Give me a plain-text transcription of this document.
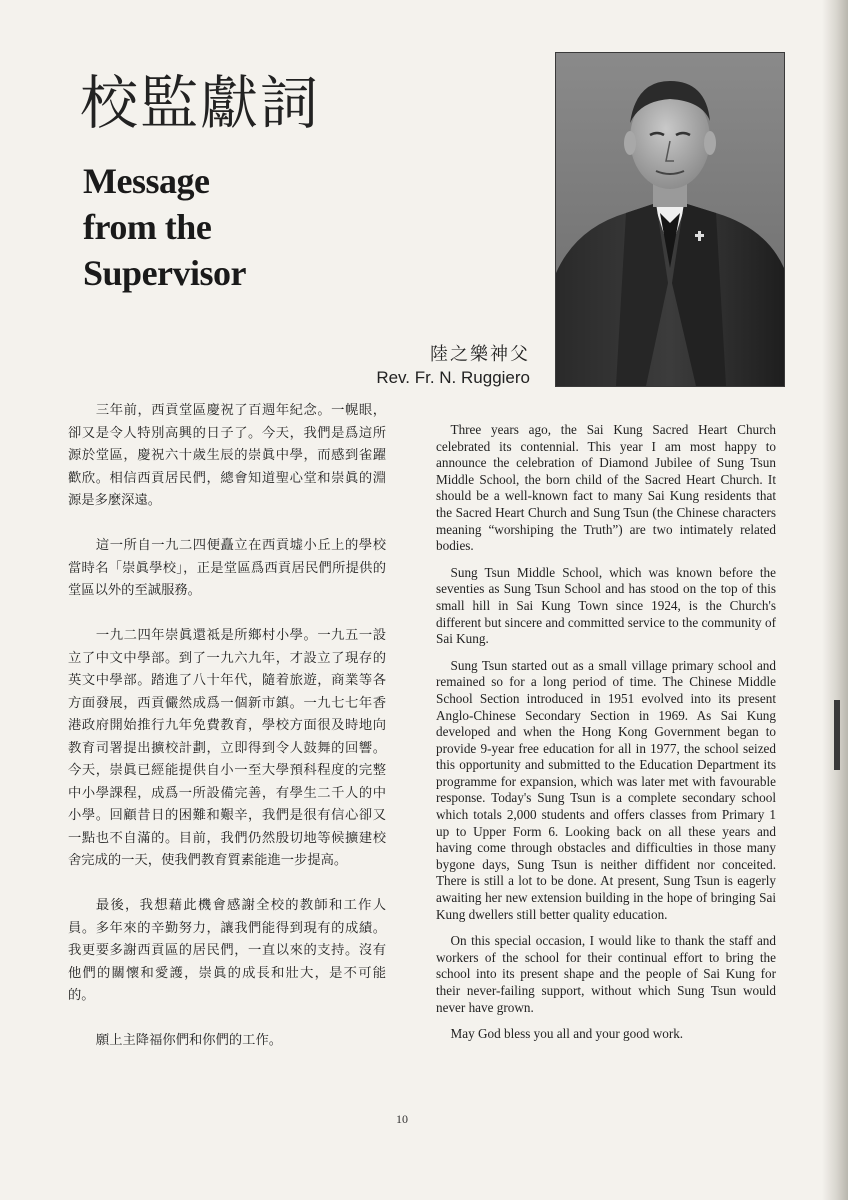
校監獻詞
Message
from the
Supervisor
陸之樂神父
Rev. Fr. N. Ruggiero

三年前，西貢堂區慶祝了百週年紀念。一幌眼，卻又是令人特別高興的日子了。今天，我們是爲這所源於堂區，慶祝六十歲生辰的崇眞中學，而感到雀躍歡欣。相信西貢居民們，總會知道聖心堂和崇眞的淵源是多麼深遠。

這一所自一九二四便矗立在西貢墟小丘上的學校當時名「崇眞學校」，正是堂區爲西貢居民們所提供的堂區以外的至誠服務。

一九二四年崇眞還祗是所鄉村小學。一九五一設立了中文中學部。到了一九六九年，才設立了現存的英文中學部。踏進了八十年代，隨着旅遊，商業等各方面發展，西貢儼然成爲一個新市鎮。一九七七年香港政府開始推行九年免費教育，學校方面很及時地向教育司署提出擴校計劃，立即得到令人鼓舞的回響。今天，崇眞已經能提供自小一至大學預科程度的完整中小學課程，成爲一所設備完善，有學生二千人的中小學。回顧昔日的困難和艱辛，我們是很有信心卻又一點也不自滿的。目前，我們仍然殷切地等候擴建校舍完成的一天，使我們教育質素能進一步提高。

最後，我想藉此機會感謝全校的教師和工作人員。多年來的辛勤努力，讓我們能得到現有的成績。我更要多謝西貢區的居民們，一直以來的支持。沒有他們的關懷和愛護，崇眞的成長和壯大，是不可能的。

願上主降福你們和你們的工作。

Three years ago, the Sai Kung Sacred Heart Church celebrated its contennial. This year I am most happy to announce the celebration of Diamond Jubilee of Sung Tsun Middle School, the born child of the Sacred Heart Church. It should be a well-known fact to many Sai Kung residents that the Sacred Heart Church and Sung Tsun (the Chinese characters meaning “worshiping the Truth”) are two intimately related bodies.

Sung Tsun Middle School, which was known before the seventies as Sung Tsun School and has stood on the top of this small hill in Sai Kung Town since 1924, is the Church's different but sincere and committed service to the community of Sai Kung.

Sung Tsun started out as a small village primary school and remained so for a long period of time. The Chinese Middle School Section introduced in 1951 evolved into its present Anglo-Chinese Secondary Section in 1969. As Sai Kung developed and when the Hong Kong Government began to provide 9-year free education for all in 1977, the school seized this opportunity and submitted to the Education Department its programme for expansion, which was later met with favourable response. Today's Sung Tsun is a complete secondary school which totals 2,000 students and offers classes from Primary 1 up to Upper Form 6. Looking back on all these years and having come through obstacles and difficulties in those many bygone days, Sung Tsun is neither diffident nor conceited. There is still a lot to be done. At present, Sung Tsun is eagerly awaiting her new extension building in the hope of bringing Sai Kung dwellers still better quality education.

On this special occasion, I would like to thank the staff and workers of the school for their continual effort to bring the school into its present shape and the people of Sai Kung for their never-failing support, without which Sung Tsun would never have grown.

May God bless you all and your good work.

10
